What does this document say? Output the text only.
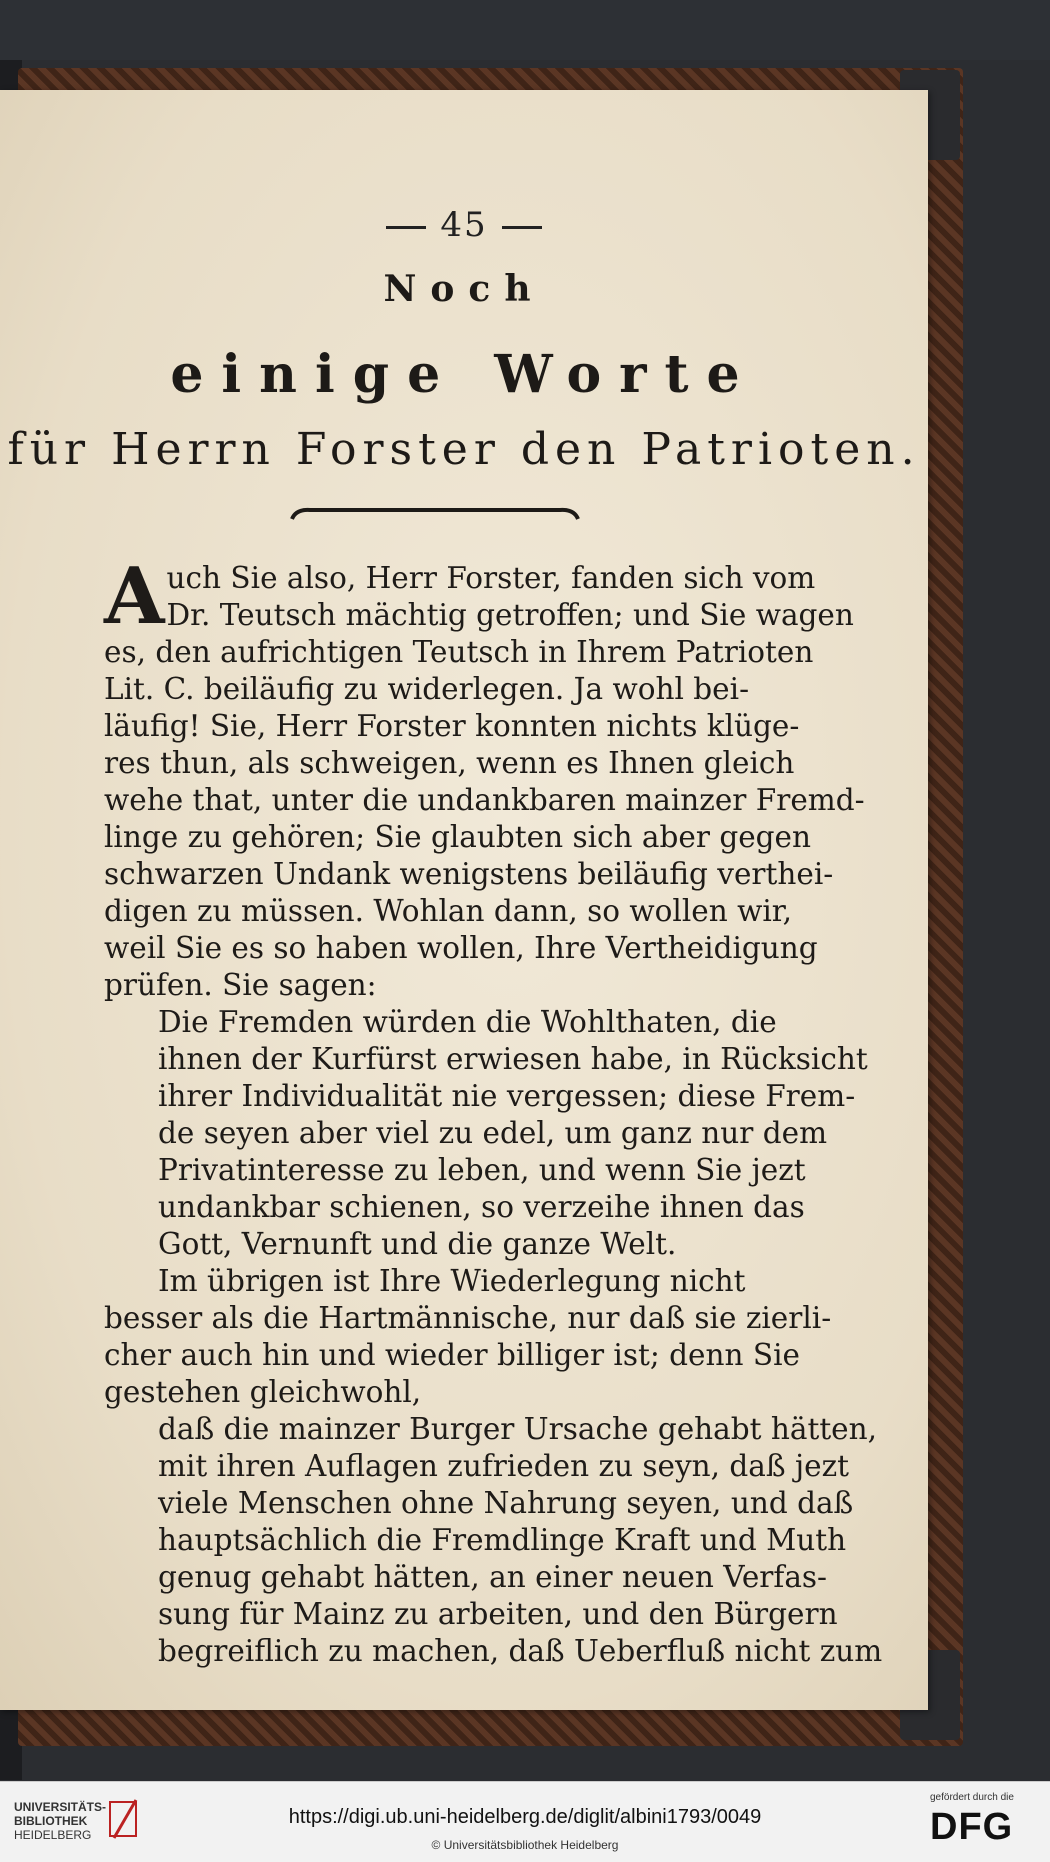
45
Noch
einige Worte
für Herrn Forster den Patrioten.
A uch Sie also, Herr Forster, fanden sich vom
Dr. Teutsch mächtig getroffen; und Sie wagen
es, den aufrichtigen Teutsch in Ihrem Patrioten
Lit. C. beiläufig zu widerlegen. Ja wohl bei-
läufig! Sie, Herr Forster konnten nichts klüge-
res thun, als schweigen, wenn es Ihnen gleich
wehe that, unter die undankbaren mainzer Fremd-
linge zu gehören; Sie glaubten sich aber gegen
schwarzen Undank wenigstens beiläufig verthei-
digen zu müssen. Wohlan dann, so wollen wir,
weil Sie es so haben wollen, Ihre Vertheidigung
prüfen. Sie sagen:
Die Fremden würden die Wohlthaten, die
ihnen der Kurfürst erwiesen habe, in Rücksicht
ihrer Individualität nie vergessen; diese Frem-
de seyen aber viel zu edel, um ganz nur dem
Privatinteresse zu leben, und wenn Sie jezt
undankbar schienen, so verzeihe ihnen das
Gott, Vernunft und die ganze Welt.
Im übrigen ist Ihre Wiederlegung nicht
besser als die Hartmännische, nur daß sie zierli-
cher auch hin und wieder billiger ist; denn Sie
gestehen gleichwohl,
daß die mainzer Burger Ursache gehabt hätten,
mit ihren Auflagen zufrieden zu seyn, daß jezt
viele Menschen ohne Nahrung seyen, und daß
hauptsächlich die Fremdlinge Kraft und Muth
genug gehabt hätten, an einer neuen Verfas-
sung für Mainz zu arbeiten, und den Bürgern
begreiflich zu machen, daß Ueberfluß nicht zum
UNIVERSITÄTS-
BIBLIOTHEK
HEIDELBERG
https://digi.ub.uni-heidelberg.de/diglit/albini1793/0049
© Universitätsbibliothek Heidelberg
gefördert durch die
DFG
